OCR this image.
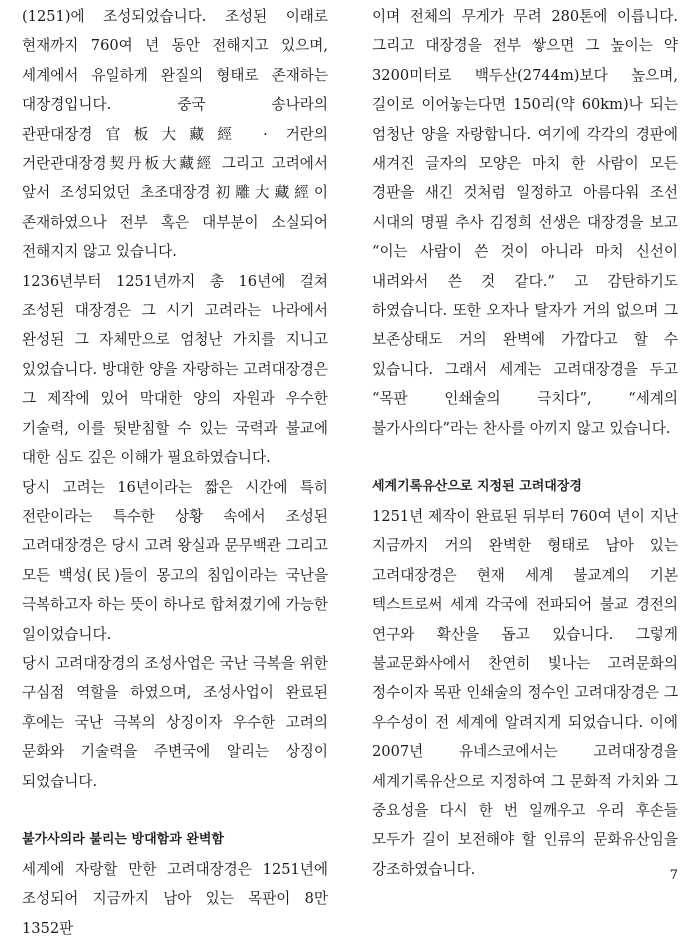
(1251)에 조성되었습니다. 조성된 이래로 현재까지 760여 년 동안 전해지고 있으며, 세계에서 유일하게 완질의 형태로 존재하는 대장경입니다. 중국 송나라의 관판대장경官板大藏經 · 거란의 거란관대장경契丹板大藏經 그리고 고려에서 앞서 조성되었던 초조대장경初雕大藏經이 존재하였으나 전부 혹은 대부분이 소실되어 전해지지 않고 있습니다.

1236년부터 1251년까지 총 16년에 걸쳐 조성된 대장경은 그 시기 고려라는 나라에서 완성된 그 자체만으로 엄청난 가치를 지니고 있었습니다. 방대한 양을 자랑하는 고려대장경은 그 제작에 있어 막대한 양의 자원과 우수한 기술력, 이를 뒷받침할 수 있는 국력과 불교에 대한 심도 깊은 이해가 필요하였습니다.

당시 고려는 16년이라는 짧은 시간에 특히 전란이라는 특수한 상황 속에서 조성된 고려대장경은 당시 고려 왕실과 문무백관 그리고 모든 백성(民)들이 몽고의 침입이라는 국난을 극복하고자 하는 뜻이 하나로 합쳐졌기에 가능한 일이었습니다.

당시 고려대장경의 조성사업은 국난 극복을 위한 구심점 역할을 하였으며, 조성사업이 완료된 후에는 국난 극복의 상징이자 우수한 고려의 문화와 기술력을 주변국에 알리는 상징이 되었습니다.

불가사의라 불리는 방대함과 완벽함

세계에 자랑할 만한 고려대장경은 1251년에 조성되어 지금까지 남아 있는 목판이 8만 1352판

이며 전체의 무게가 무려 280톤에 이릅니다. 그리고 대장경을 전부 쌓으면 그 높이는 약 3200미터로 백두산(2744m)보다 높으며, 길이로 이어놓는다면 150리(약 60km)나 되는 엄청난 양을 자랑합니다. 여기에 각각의 경판에 새겨진 글자의 모양은 마치 한 사람이 모든 경판을 새긴 것처럼 일정하고 아름다워 조선 시대의 명필 추사 김정희 선생은 대장경을 보고 “이는 사람이 쓴 것이 아니라 마치 신선이 내려와서 쓴 것 같다.” 고 감탄하기도 하였습니다. 또한 오자나 탈자가 거의 없으며 그 보존상태도 거의 완벽에 가깝다고 할 수 있습니다. 그래서 세계는 고려대장경을 두고 “목판 인쇄술의 극치다”, “세계의 불가사의다”라는 찬사를 아끼지 않고 있습니다.

세계기록유산으로 지정된 고려대장경

1251년 제작이 완료된 뒤부터 760여 년이 지난 지금까지 거의 완벽한 형태로 남아 있는 고려대장경은 현재 세계 불교계의 기본 텍스트로써 세계 각국에 전파되어 불교 경전의 연구와 확산을 돕고 있습니다. 그렇게 불교문화사에서 찬연히 빛나는 고려문화의 정수이자 목판 인쇄술의 정수인 고려대장경은 그 우수성이 전 세계에 알려지게 되었습니다. 이에 2007년 유네스코에서는 고려대장경을 세계기록유산으로 지정하여 그 문화적 가치와 그 중요성을 다시 한 번 일깨우고 우리 후손들 모두가 길이 보전해야 할 인류의 문화유산임을 강조하였습니다.	7
